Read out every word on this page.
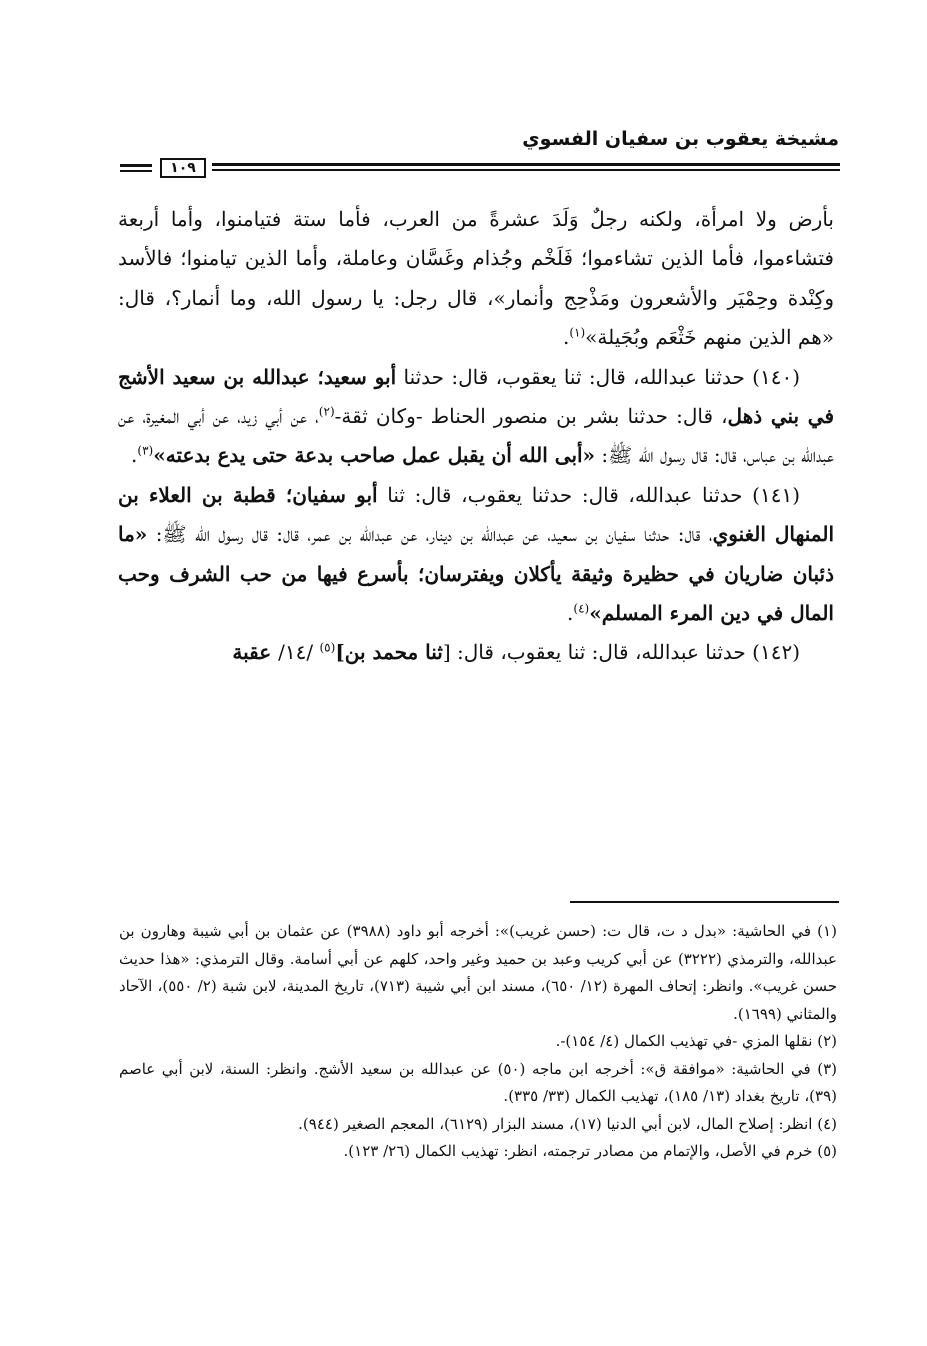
مشيخة يعقوب بن سفيان الفسوي
١٠٩

بأرض ولا امرأة، ولكنه رجلٌ وَلَدَ عشرةً من العرب، فأما ستة فتيامنوا، وأما أربعة فتشاءموا، فأما الذين تشاءموا؛ فَلَخْم وجُذام وغَسَّان وعاملة، وأما الذين تيامنوا؛ فالأسد وكِنْدة وحِمْيَر والأشعرون ومَذْحِج وأنمار»، قال رجل: يا رسول الله، وما أنمار؟، قال: «هم الذين منهم خَثْعَم وبُجَيلة»$^{(١)}$.

(١٤٠) حدثنا عبدالله، قال: ثنا يعقوب، قال: حدثنا أبو سعيد؛ عبدالله بن سعيد الأشج في بني ذهل، قال: حدثنا بشر بن منصور الحناط -وكان ثقة-$^{(٢)}$، عن أبي زيد، عن أبي المغيرة، عن عبدالله بن عباس، قال: قال رسول الله ﷺ: «أبى الله أن يقبل عمل صاحب بدعة حتى يدع بدعته»$^{(٣)}$.

(١٤١) حدثنا عبدالله، قال: حدثنا يعقوب، قال: ثنا أبو سفيان؛ قطبة بن العلاء بن المنهال الغنوي، قال: حدثنا سفيان بن سعيد، عن عبدالله بن دينار، عن عبدالله بن عمر، قال: قال رسول الله ﷺ: «ما ذئبان ضاريان في حظيرة وثيقة يأكلان ويفترسان؛ بأسرع فيها من حب الشرف وحب المال في دين المرء المسلم»$^{(٤)}$.

(١٤٢) حدثنا عبدالله، قال: ثنا يعقوب، قال: [ثنا محمد بن]$^{(٥)}$ /١٤/ عقبة

(١) في الحاشية: «بدل د ت، قال ت: (حسن غريب)»: أخرجه أبو داود (٣٩٨٨) عن عثمان بن أبي شيبة وهارون بن عبدالله، والترمذي (٣٢٢٢) عن أبي كريب وعبد بن حميد وغير واحد، كلهم عن أبي أسامة. وقال الترمذي: «هذا حديث حسن غريب». وانظر: إتحاف المهرة (١٢/ ٦٥٠)، مسند ابن أبي شيبة (٧١٣)، تاريخ المدينة، لابن شبة (٢/ ٥٥٠)، الآحاد والمثاني (١٦٩٩).

(٢) نقلها المزي -في تهذيب الكمال (٤/ ١٥٤)-.

(٣) في الحاشية: «موافقة ق»: أخرجه ابن ماجه (٥٠) عن عبدالله بن سعيد الأشج. وانظر: السنة، لابن أبي عاصم (٣٩)، تاريخ بغداد (١٣/ ١٨٥)، تهذيب الكمال (٣٣/ ٣٣٥).

(٤) انظر: إصلاح المال، لابن أبي الدنيا (١٧)، مسند البزار (٦١٢٩)، المعجم الصغير (٩٤٤).

(٥) خرم في الأصل، والإتمام من مصادر ترجمته، انظر: تهذيب الكمال (٢٦/ ١٢٣).
